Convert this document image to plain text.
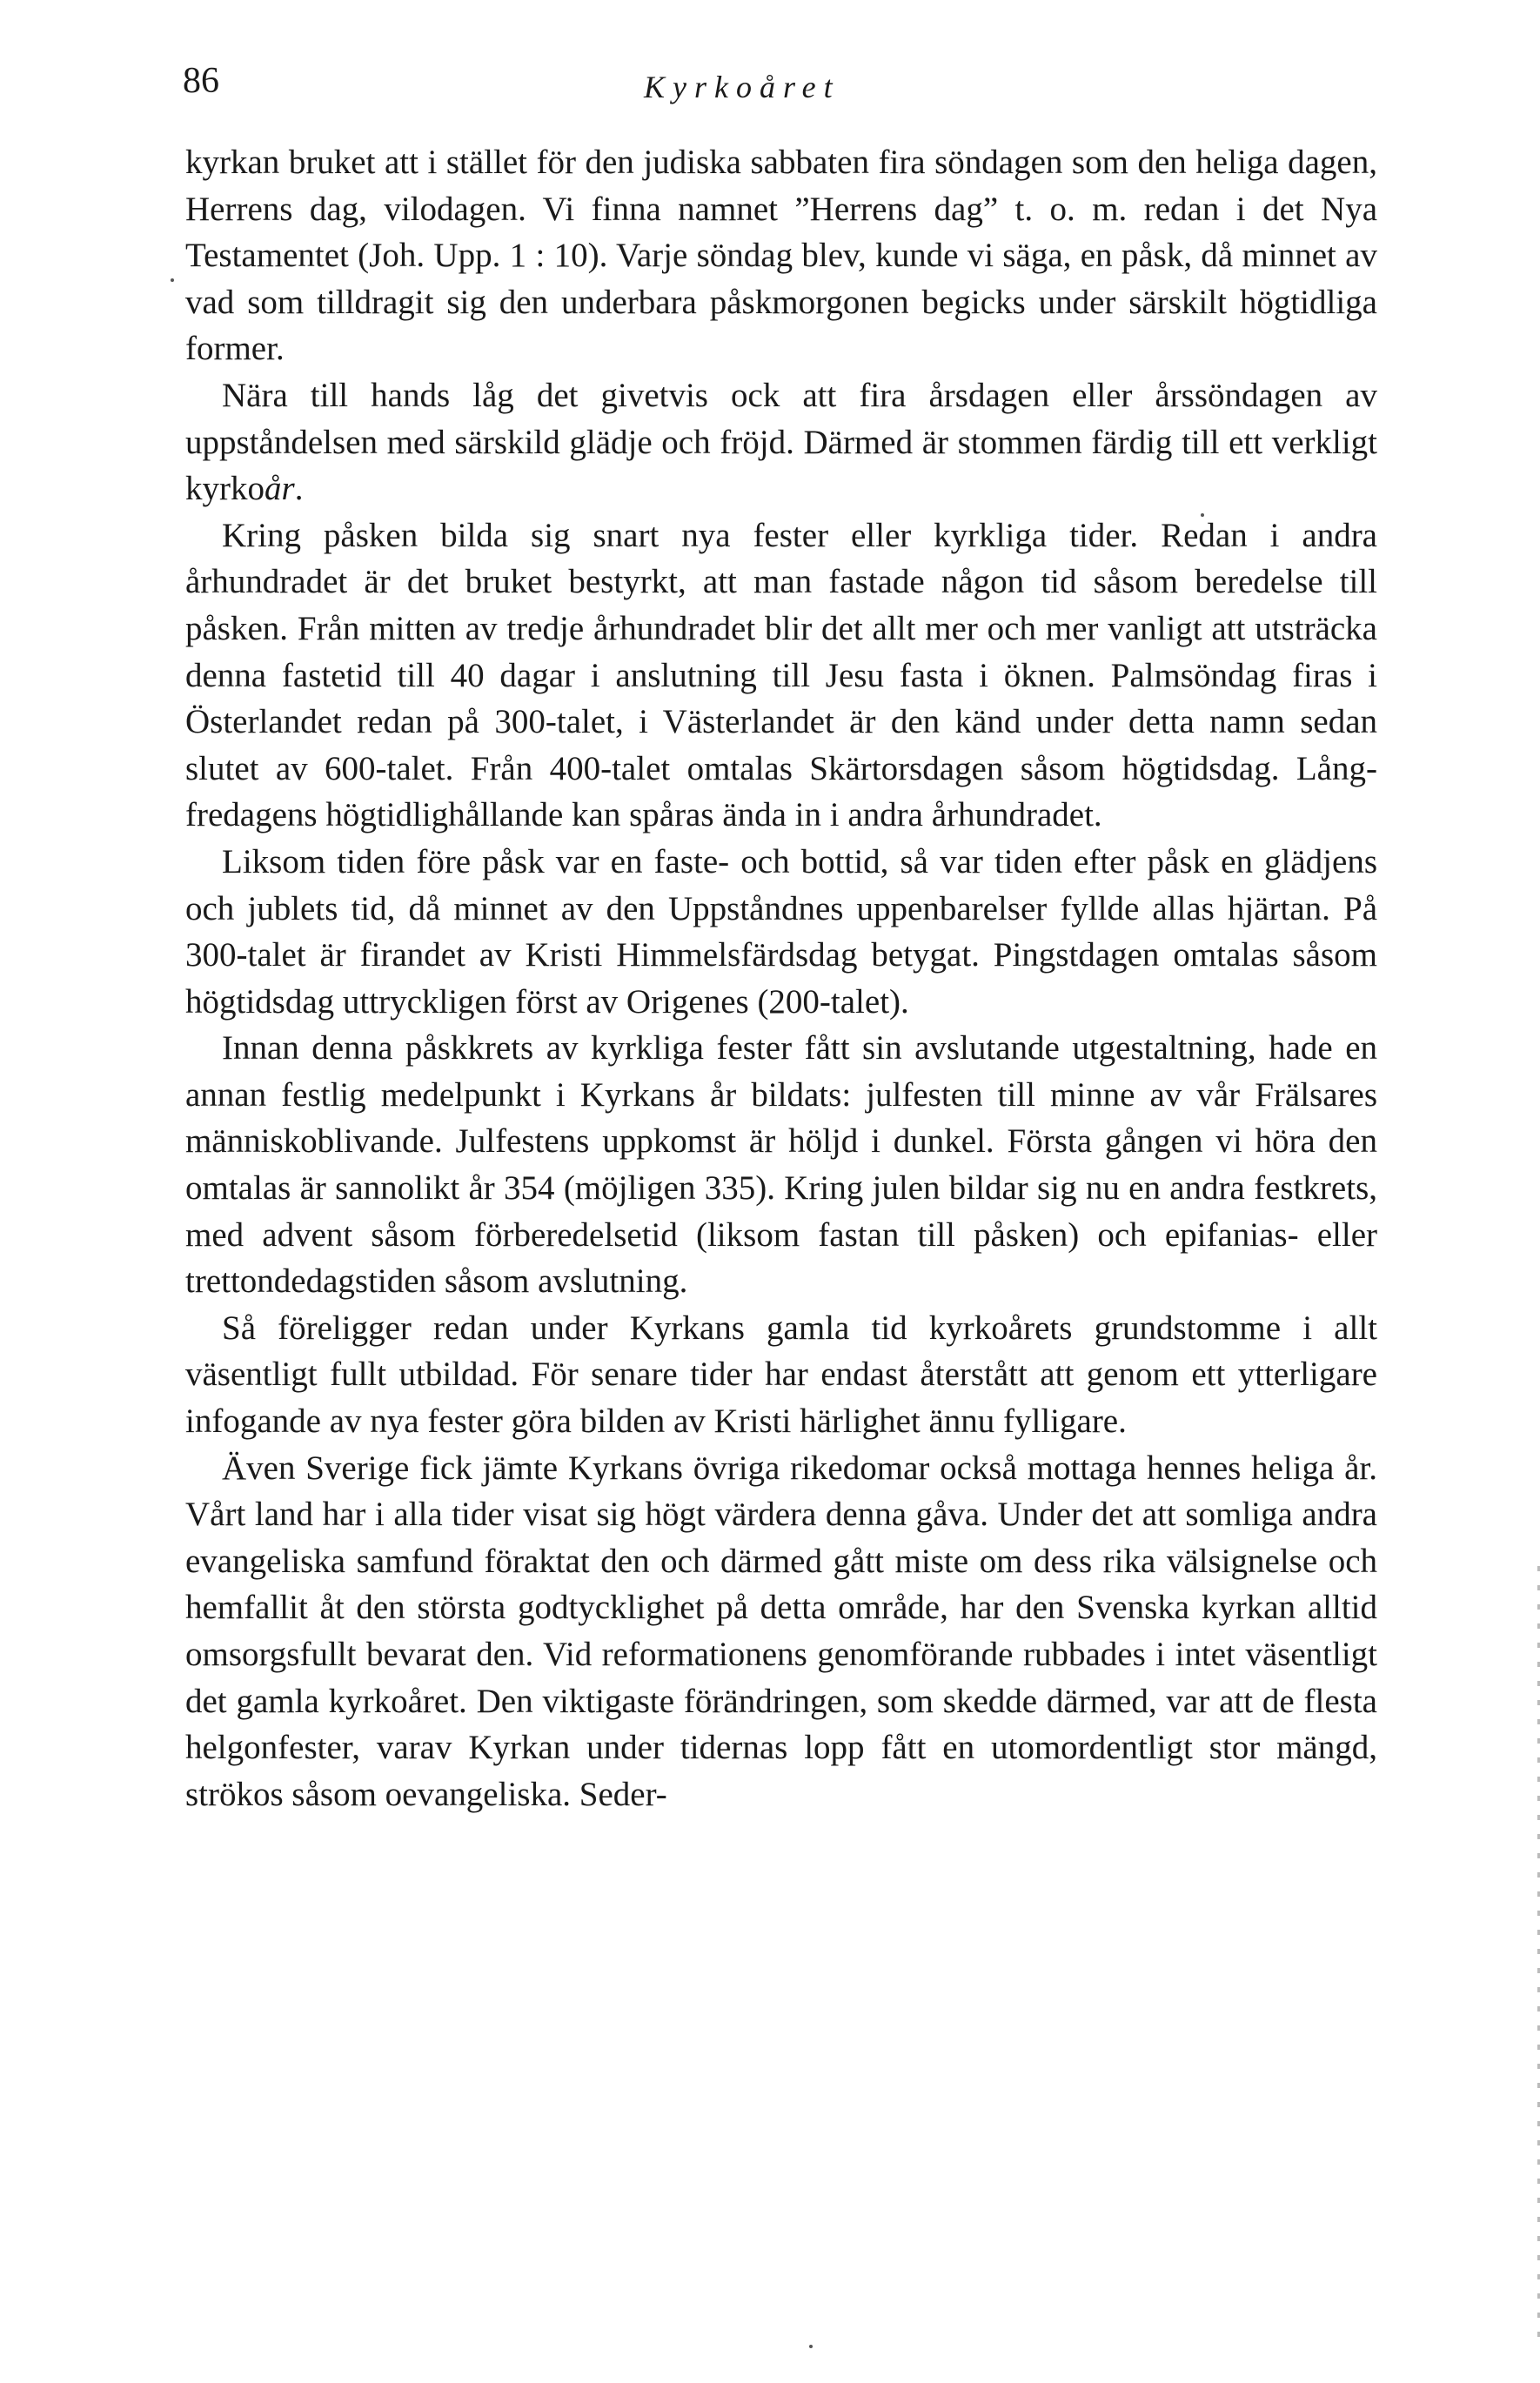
86	Kyrkoåret

kyrkan bruket att i stället för den judiska sabbaten fira söndagen som den heliga dagen, Herrens dag, vilodagen. Vi finna namnet ”Herrens dag” t. o. m. redan i det Nya Testamentet (Joh. Upp. 1 : 10). Varje söndag blev, kunde vi säga, en påsk, då minnet av vad som tilldragit sig den underbara påskmorgonen begicks under särskilt högtidliga former.

Nära till hands låg det givetvis ock att fira årsdagen eller årssöndagen av uppståndelsen med särskild glädje och fröjd. Därmed är stommen färdig till ett verkligt kyrkoår.

Kring påsken bilda sig snart nya fester eller kyrkliga tider. Redan i andra århundradet är det bruket bestyrkt, att man fastade någon tid såsom beredelse till påsken. Från mitten av tredje århundradet blir det allt mer och mer vanligt att utsträcka denna fastetid till 40 dagar i anslutning till Jesu fasta i öknen. Palmsöndag firas i Österlandet redan på 300-talet, i Västerlandet är den känd under detta namn sedan slutet av 600-talet. Från 400-talet omtalas Skärtorsdagen såsom högtidsdag. Långfredagens högtidlighållande kan spåras ända in i andra århundradet.

Liksom tiden före påsk var en faste- och bottid, så var tiden efter påsk en glädjens och jublets tid, då minnet av den Uppståndnes uppenbarelser fyllde allas hjärtan. På 300-talet är firandet av Kristi Himmelsfärdsdag betygat. Pingstdagen omtalas såsom högtidsdag uttryckligen först av Origenes (200-talet).

Innan denna påskkrets av kyrkliga fester fått sin avslutande utgestaltning, hade en annan festlig medelpunkt i Kyrkans år bildats: julfesten till minne av vår Frälsares människoblivande. Julfestens uppkomst är höljd i dunkel. Första gången vi höra den omtalas är sannolikt år 354 (möjligen 335). Kring julen bildar sig nu en andra festkrets, med advent såsom förberedelsetid (liksom fastan till påsken) och epifanias- eller trettondedagstiden såsom avslutning.

Så föreligger redan under Kyrkans gamla tid kyrkoårets grundstomme i allt väsentligt fullt utbildad. För senare tider har endast återstått att genom ett ytterligare infogande av nya fester göra bilden av Kristi härlighet ännu fylligare.

Även Sverige fick jämte Kyrkans övriga rikedomar också mottaga hennes heliga år. Vårt land har i alla tider visat sig högt värdera denna gåva. Under det att somliga andra evangeliska samfund föraktat den och därmed gått miste om dess rika välsignelse och hemfallit åt den största godtycklighet på detta område, har den Svenska kyrkan alltid omsorgsfullt bevarat den. Vid reformationens genomförande rubbades i intet väsentligt det gamla kyrkoåret. Den viktigaste förändringen, som skedde därmed, var att de flesta helgonfester, varav Kyrkan under tidernas lopp fått en utomordentligt stor mängd, strökos såsom oevangeliska. Seder-
